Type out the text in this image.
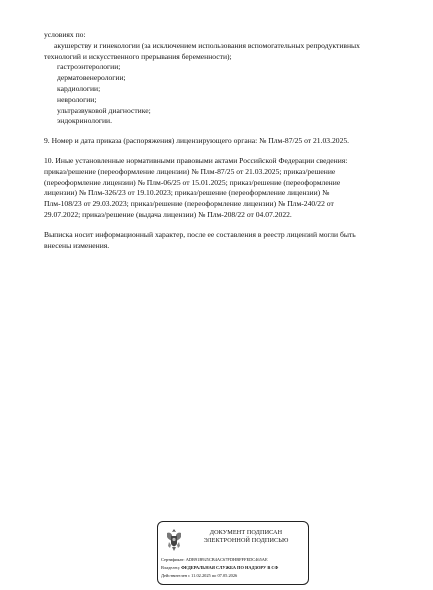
условиях по:
акушерству и гинекологии (за исключением использования вспомогательных репродуктивных
технологий и искусственного прерывания беременности);
гастроэнтерологии;
дерматовенерологии;
кардиологии;
неврологии;
ультразвуковой диагностике;
эндокринологии.
9. Номер и дата приказа (распоряжения) лицензирующего органа: № Плм-87/25 от 21.03.2025.
10. Иные установленные нормативными правовыми актами Российской Федерации сведения:
приказ/решение (переоформление лицензии) № Плм-87/25 от 21.03.2025; приказ/решение
(переоформление лицензии) № Плм-06/25 от 15.01.2025; приказ/решение (переоформление
лицензии) № Плм-326/23 от 19.10.2023; приказ/решение (переоформление лицензии) №
Плм-108/23 от 29.03.2023; приказ/решение (переоформление лицензии) № Плм-240/22 от
29.07.2022; приказ/решение (выдача лицензии) № Плм-208/22 от 04.07.2022.
Выписка носит информационный характер, после ее составления в реестр лицензий могли быть
внесены изменения.
ДОКУМЕНТ ПОДПИСАН
ЭЛЕКТРОННОЙ ПОДПИСЬЮ
Сертификат: ADB91B925CB4AC67FDHBFFFEDC465AE
Владелец: ФЕДЕРАЛЬНАЯ СЛУЖБА ПО НАДЗОРУ В СФ
Действителен с 11.02.2025 по 07.05.2026
